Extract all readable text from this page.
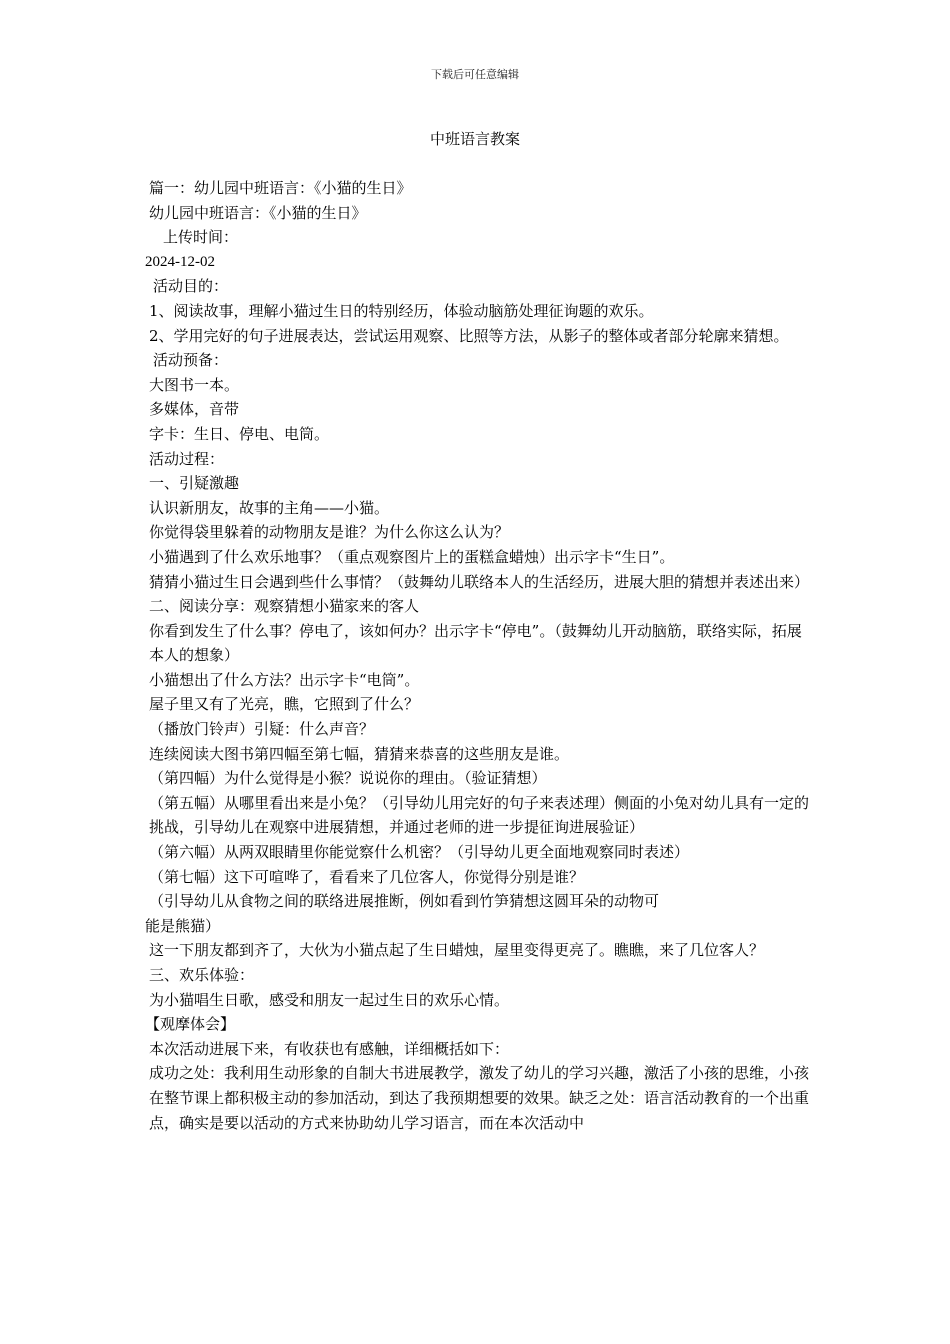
下载后可任意编辑
中班语言教案

篇一：幼儿园中班语言：《小猫的生日》

幼儿园中班语言：《小猫的生日》

上传时间：

2024-12-02

活动目的：

1、阅读故事，理解小猫过生日的特别经历，体验动脑筋处理征询题的欢乐。

2、学用完好的句子进展表达，尝试运用观察、比照等方法，从影子的整体或者部分轮廓来猜想。

活动预备：

大图书一本。

多媒体，音带

字卡：生日、停电、电筒。

活动过程：

一、引疑激趣

认识新朋友，故事的主角——小猫。

你觉得袋里躲着的动物朋友是谁？为什么你这么认为？

小猫遇到了什么欢乐地事？（重点观察图片上的蛋糕盒蜡烛）出示字卡“生日”。

猜猜小猫过生日会遇到些什么事情？（鼓舞幼儿联络本人的生活经历，进展大胆的猜想并表述出来）

二、阅读分享：观察猜想小猫家来的客人

你看到发生了什么事？停电了，该如何办？出示字卡“停电”。（鼓舞幼儿开动脑筋，联络实际，拓展本人的想象）

小猫想出了什么方法？出示字卡“电筒”。

屋子里又有了光亮，瞧，它照到了什么？

（播放门铃声）引疑：什么声音？

连续阅读大图书第四幅至第七幅，猜猜来恭喜的这些朋友是谁。

（第四幅）为什么觉得是小猴？说说你的理由。（验证猜想）

（第五幅）从哪里看出来是小兔？（引导幼儿用完好的句子来表述理）侧面的小兔对幼儿具有一定的挑战，引导幼儿在观察中进展猜想，并通过老师的进一步提征询进展验证）

（第六幅）从两双眼睛里你能觉察什么机密？（引导幼儿更全面地观察同时表述）

（第七幅）这下可喧哗了，看看来了几位客人，你觉得分别是谁？

（引导幼儿从食物之间的联络进展推断，例如看到竹笋猜想这圆耳朵的动物可

能是熊猫）

这一下朋友都到齐了，大伙为小猫点起了生日蜡烛，屋里变得更亮了。瞧瞧，来了几位客人？

三、欢乐体验：

为小猫唱生日歌，感受和朋友一起过生日的欢乐心情。

【观摩体会】

本次活动进展下来，有收获也有感触，详细概括如下：

成功之处：我利用生动形象的自制大书进展教学，激发了幼儿的学习兴趣，激活了小孩的思维，小孩在整节课上都积极主动的参加活动，到达了我预期想要的效果。缺乏之处：语言活动教育的一个出重点，确实是要以活动的方式来协助幼儿学习语言，而在本次活动中
